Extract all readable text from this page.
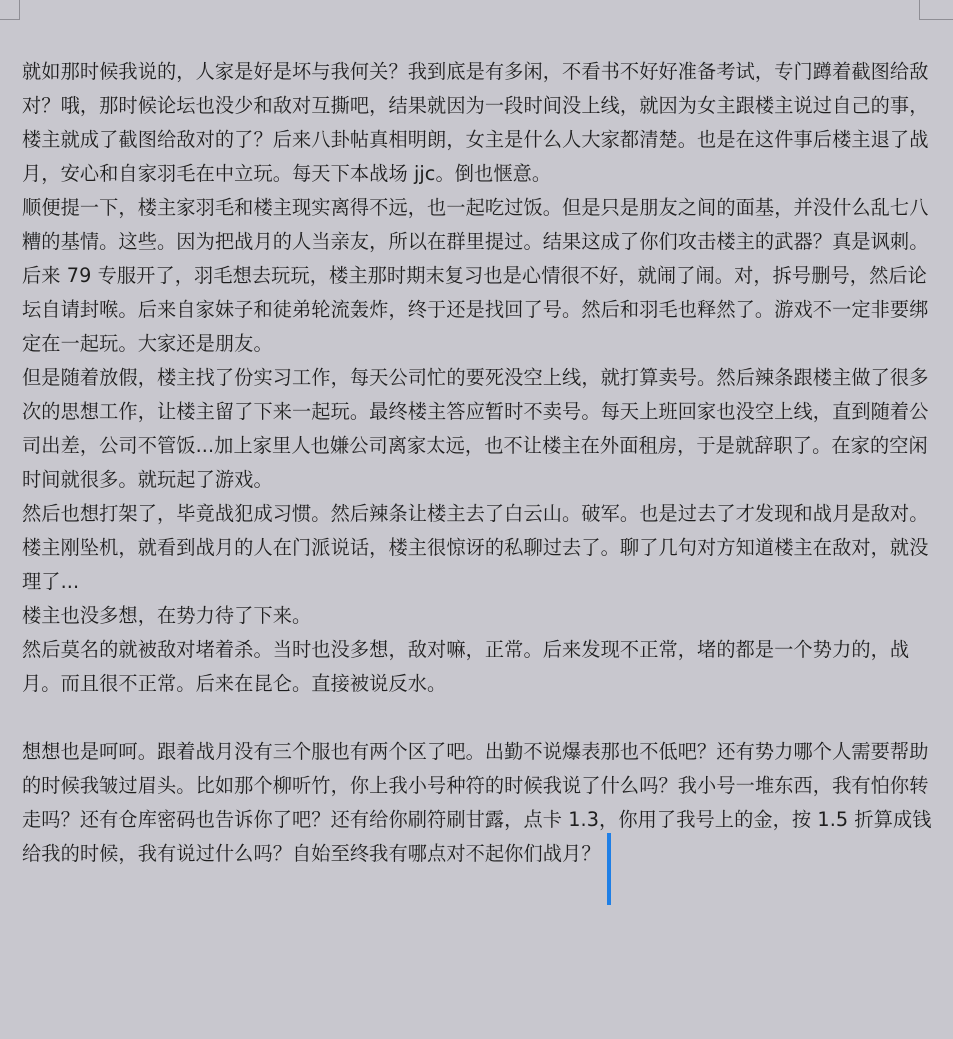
就如那时候我说的，人家是好是坏与我何关？我到底是有多闲，不看书不好好准备考试，专门蹲着截图给敌对？哦，那时候论坛也没少和敌对互撕吧，结果就因为一段时间没上线，就因为女主跟楼主说过自己的事，楼主就成了截图给敌对的了？后来八卦帖真相明朗，女主是什么人大家都清楚。也是在这件事后楼主退了战月，安心和自家羽毛在中立玩。每天下本战场 jjc。倒也惬意。

顺便提一下，楼主家羽毛和楼主现实离得不远，也一起吃过饭。但是只是朋友之间的面基，并没什么乱七八糟的基情。这些。因为把战月的人当亲友，所以在群里提过。结果这成了你们攻击楼主的武器？真是讽刺。

后来 79 专服开了，羽毛想去玩玩，楼主那时期末复习也是心情很不好，就闹了闹。对，拆号删号，然后论坛自请封喉。后来自家妹子和徒弟轮流轰炸，终于还是找回了号。然后和羽毛也释然了。游戏不一定非要绑定在一起玩。大家还是朋友。

但是随着放假，楼主找了份实习工作，每天公司忙的要死没空上线，就打算卖号。然后辣条跟楼主做了很多次的思想工作，让楼主留了下来一起玩。最终楼主答应暂时不卖号。每天上班回家也没空上线，直到随着公司出差，公司不管饭...加上家里人也嫌公司离家太远，也不让楼主在外面租房，于是就辞职了。在家的空闲时间就很多。就玩起了游戏。

然后也想打架了，毕竟战犯成习惯。然后辣条让楼主去了白云山。破军。也是过去了才发现和战月是敌对。

楼主刚坠机，就看到战月的人在门派说话，楼主很惊讶的私聊过去了。聊了几句对方知道楼主在敌对，就没理了...

楼主也没多想，在势力待了下来。

然后莫名的就被敌对堵着杀。当时也没多想，敌对嘛，正常。后来发现不正常，堵的都是一个势力的，战月。而且很不正常。后来在昆仑。直接被说反水。

想想也是呵呵。跟着战月没有三个服也有两个区了吧。出勤不说爆表那也不低吧？还有势力哪个人需要帮助的时候我皱过眉头。比如那个柳听竹，你上我小号种符的时候我说了什么吗？我小号一堆东西，我有怕你转走吗？还有仓库密码也告诉你了吧？还有给你刷符刷甘露，点卡 1.3，你用了我号上的金，按 1.5 折算成钱给我的时候，我有说过什么吗？自始至终我有哪点对不起你们战月？
